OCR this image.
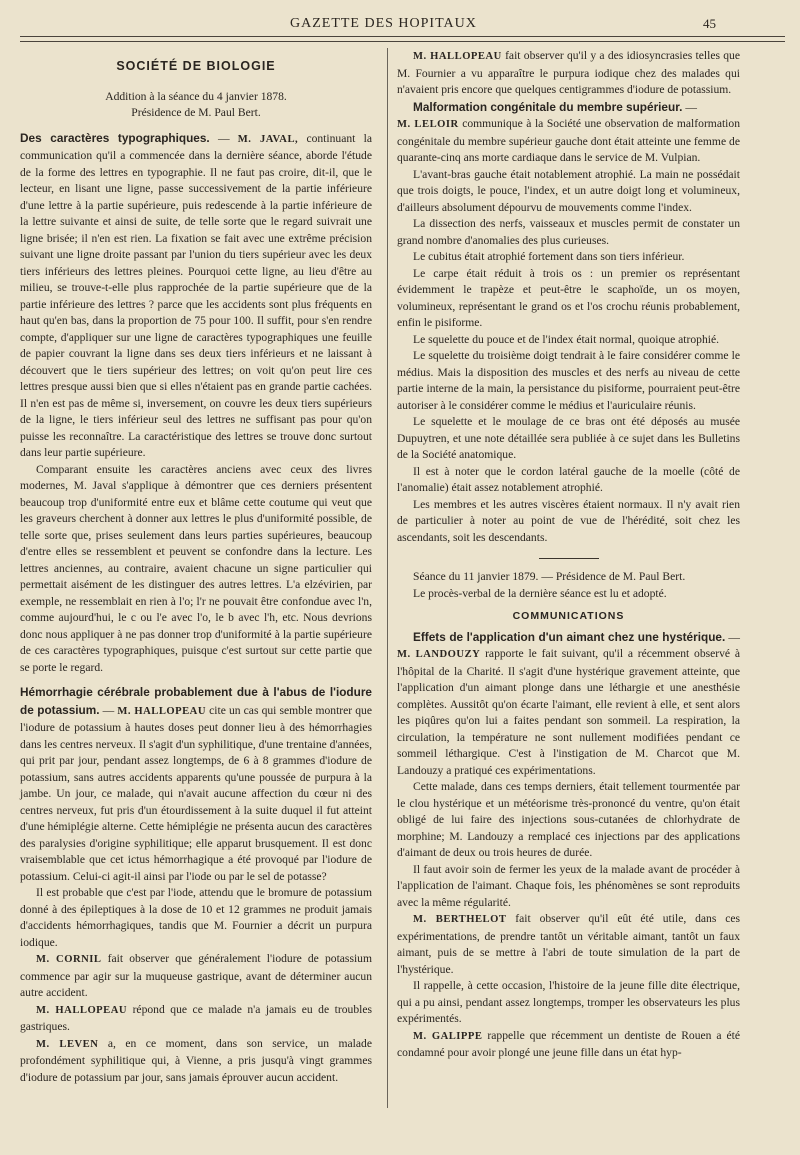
GAZETTE DES HOPITAUX	45
SOCIÉTÉ DE BIOLOGIE

Addition à la séance du 4 janvier 1878.

Présidence de M. Paul Bert.

Des caractères typographiques. — M. JAVAL, continuant la communication qu'il a commencée dans la dernière séance, aborde l'étude de la forme des lettres en typographie. Il ne faut pas croire, dit-il, que le lecteur, en lisant une ligne, passe successivement de la partie inférieure d'une lettre à la partie supérieure, puis redescende à la partie inférieure de la lettre suivante et ainsi de suite, de telle sorte que le regard suivrait une ligne brisée; il n'en est rien. La fixation se fait avec une extrême précision suivant une ligne droite passant par l'union du tiers supérieur avec les deux tiers inférieurs des lettres pleines. Pourquoi cette ligne, au lieu d'être au milieu, se trouve-t-elle plus rapprochée de la partie supérieure que de la partie inférieure des lettres ? parce que les accidents sont plus fréquents en haut qu'en bas, dans la proportion de 75 pour 100. Il suffit, pour s'en rendre compte, d'appliquer sur une ligne de caractères typographiques une feuille de papier couvrant la ligne dans ses deux tiers inférieurs et ne laissant à découvert que le tiers supérieur des lettres; on voit qu'on peut lire ces lettres presque aussi bien que si elles n'étaient pas en grande partie cachées. Il n'en est pas de même si, inversement, on couvre les deux tiers supérieurs de la ligne, le tiers inférieur seul des lettres ne suffisant pas pour qu'on puisse les reconnaître. La caractéristique des lettres se trouve donc surtout dans leur partie supérieure.

Comparant ensuite les caractères anciens avec ceux des livres modernes, M. Javal s'applique à démontrer que ces derniers présentent beaucoup trop d'uniformité entre eux et blâme cette coutume qui veut que les graveurs cherchent à donner aux lettres le plus d'uniformité possible, de telle sorte que, prises seulement dans leurs parties supérieures, beaucoup d'entre elles se ressemblent et peuvent se confondre dans la lecture. Les lettres anciennes, au contraire, avaient chacune un signe particulier qui permettait aisément de les distinguer des autres lettres. L'a elzévirien, par exemple, ne ressemblait en rien à l'o; l'r ne pouvait être confondue avec l'n, comme aujourd'hui, le c ou l'e avec l'o, le b avec l'h, etc. Nous devrions donc nous appliquer à ne pas donner trop d'uniformité à la partie supérieure de ces caractères typographiques, puisque c'est surtout sur cette partie que se porte le regard.

Hémorrhagie cérébrale probablement due à l'abus de l'iodure de potassium. — M. HALLOPEAU cite un cas qui semble montrer que l'iodure de potassium à hautes doses peut donner lieu à des hémorrhagies dans les centres nerveux. Il s'agit d'un syphilitique, d'une trentaine d'années, qui prit par jour, pendant assez longtemps, de 6 à 8 grammes d'iodure de potassium, sans autres accidents apparents qu'une poussée de purpura à la jambe. Un jour, ce malade, qui n'avait aucune affection du cœur ni des centres nerveux, fut pris d'un étourdissement à la suite duquel il fut atteint d'une hémiplégie alterne. Cette hémiplégie ne présenta aucun des caractères des paralysies d'origine syphilitique; elle apparut brusquement. Il est donc vraisemblable que cet ictus hémorrhagique a été provoqué par l'iodure de potassium. Celui-ci agit-il ainsi par l'iode ou par le sel de potasse?

Il est probable que c'est par l'iode, attendu que le bromure de potassium donné à des épileptiques à la dose de 10 et 12 grammes ne produit jamais d'accidents hémorrhagiques, tandis que M. Fournier a décrit un purpura iodique.

M. CORNIL fait observer que généralement l'iodure de potassium commence par agir sur la muqueuse gastrique, avant de déterminer aucun autre accident.

M. HALLOPEAU répond que ce malade n'a jamais eu de troubles gastriques.

M. LEVEN a, en ce moment, dans son service, un malade profondément syphilitique qui, à Vienne, a pris jusqu'à vingt grammes d'iodure de potassium par jour, sans jamais éprouver aucun accident.

M. HALLOPEAU fait observer qu'il y a des idiosyncrasies telles que M. Fournier a vu apparaître le purpura iodique chez des malades qui n'avaient pris encore que quelques centigrammes d'iodure de potassium.

Malformation congénitale du membre supérieur. —

M. LELOIR communique à la Société une observation de malformation congénitale du membre supérieur gauche dont était atteinte une femme de quarante-cinq ans morte cardiaque dans le service de M. Vulpian.

L'avant-bras gauche était notablement atrophié. La main ne possédait que trois doigts, le pouce, l'index, et un autre doigt long et volumineux, d'ailleurs absolument dépourvu de mouvements comme l'index.

La dissection des nerfs, vaisseaux et muscles permit de constater un grand nombre d'anomalies des plus curieuses.

Le cubitus était atrophié fortement dans son tiers inférieur.

Le carpe était réduit à trois os : un premier os représentant évidemment le trapèze et peut-être le scaphoïde, un os moyen, volumineux, représentant le grand os et l'os crochu réunis probablement, enfin le pisiforme.

Le squelette du pouce et de l'index était normal, quoique atrophié.

Le squelette du troisième doigt tendrait à le faire considérer comme le médius. Mais la disposition des muscles et des nerfs au niveau de cette partie interne de la main, la persistance du pisiforme, pourraient peut-être autoriser à le considérer comme le médius et l'auriculaire réunis.

Le squelette et le moulage de ce bras ont été déposés au musée Dupuytren, et une note détaillée sera publiée à ce sujet dans les Bulletins de la Société anatomique.

Il est à noter que le cordon latéral gauche de la moelle (côté de l'anomalie) était assez notablement atrophié.

Les membres et les autres viscères étaient normaux. Il n'y avait rien de particulier à noter au point de vue de l'hérédité, soit chez les ascendants, soit les descendants.

Séance du 11 janvier 1879. — Présidence de M. Paul Bert.

Le procès-verbal de la dernière séance est lu et adopté.

COMMUNICATIONS

Effets de l'application d'un aimant chez une hystérique. — M. LANDOUZY rapporte le fait suivant, qu'il a récemment observé à l'hôpital de la Charité. Il s'agit d'une hystérique gravement atteinte, que l'application d'un aimant plonge dans une léthargie et une anesthésie complètes. Aussitôt qu'on écarte l'aimant, elle revient à elle, et sent alors les piqûres qu'on lui a faites pendant son sommeil. La respiration, la circulation, la température ne sont nullement modifiées pendant ce sommeil léthargique. C'est à l'instigation de M. Charcot que M. Landouzy a pratiqué ces expérimentations.

Cette malade, dans ces temps derniers, était tellement tourmentée par le clou hystérique et un météorisme très-prononcé du ventre, qu'on était obligé de lui faire des injections sous-cutanées de chlorhydrate de morphine; M. Landouzy a remplacé ces injections par des applications d'aimant de deux ou trois heures de durée.

Il faut avoir soin de fermer les yeux de la malade avant de procéder à l'application de l'aimant. Chaque fois, les phénomènes se sont reproduits avec la même régularité.

M. BERTHELOT fait observer qu'il eût été utile, dans ces expérimentations, de prendre tantôt un véritable aimant, tantôt un faux aimant, puis de se mettre à l'abri de toute simulation de la part de l'hystérique.

Il rappelle, à cette occasion, l'histoire de la jeune fille dite électrique, qui a pu ainsi, pendant assez longtemps, tromper les observateurs les plus expérimentés.

M. GALIPPE rappelle que récemment un dentiste de Rouen a été condamné pour avoir plongé une jeune fille dans un état hyp-
